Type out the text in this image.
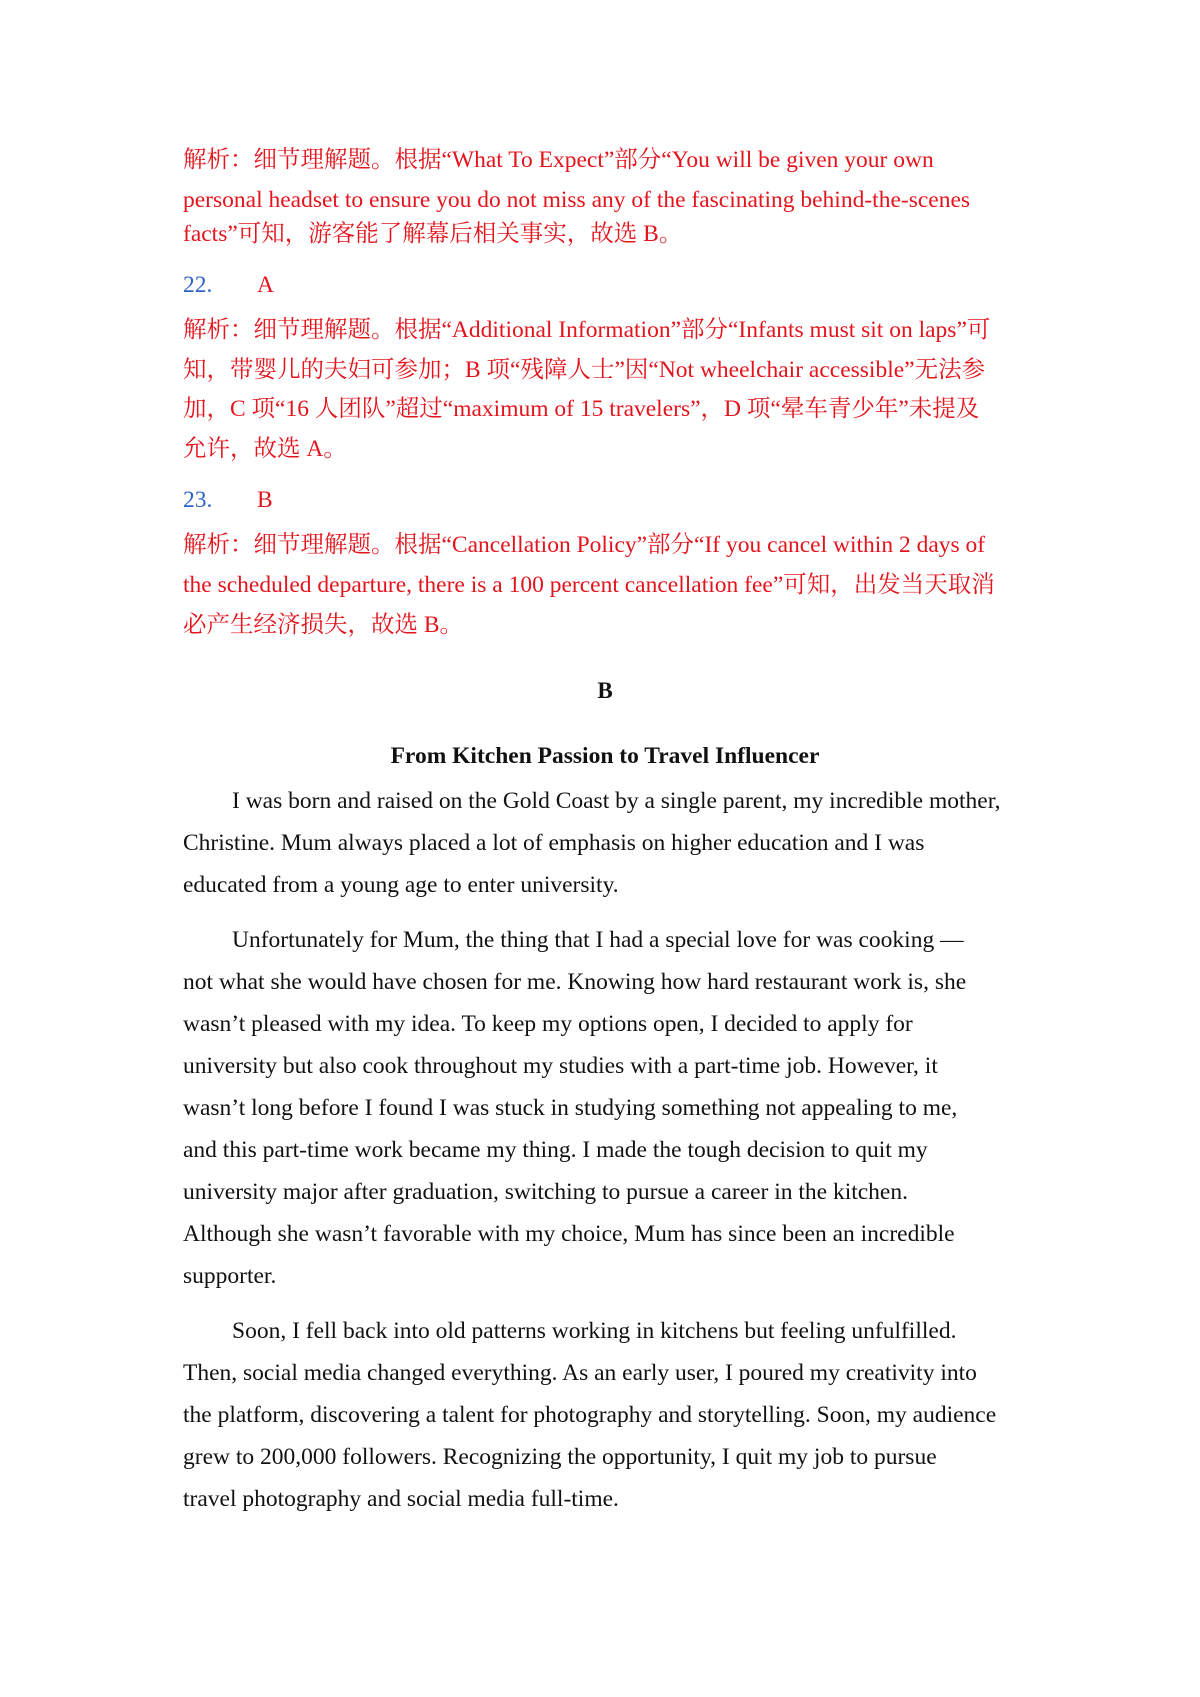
解析：细节理解题。根据“What To Expect”部分“You will be given your own

personal headset to ensure you do not miss any of the fascinating behind-the-scenes

facts”可知，游客能了解幕后相关事实，故选 B。

22. A

解析：细节理解题。根据“Additional Information”部分“Infants must sit on laps”可

知，带婴儿的夫妇可参加；B 项“残障人士”因“Not wheelchair accessible”无法参

加，C 项“16 人团队”超过“maximum of 15 travelers”，D 项“晕车青少年”未提及

允许，故选 A。

23. B

解析：细节理解题。根据“Cancellation Policy”部分“If you cancel within 2 days of

the scheduled departure, there is a 100 percent cancellation fee”可知，出发当天取消

必产生经济损失，故选 B。

B

From Kitchen Passion to Travel Influencer

I was born and raised on the Gold Coast by a single parent, my incredible mother,

Christine. Mum always placed a lot of emphasis on higher education and I was

educated from a young age to enter university.

Unfortunately for Mum, the thing that I had a special love for was cooking —

not what she would have chosen for me. Knowing how hard restaurant work is, she

wasn’t pleased with my idea. To keep my options open, I decided to apply for

university but also cook throughout my studies with a part-time job. However, it

wasn’t long before I found I was stuck in studying something not appealing to me,

and this part-time work became my thing. I made the tough decision to quit my

university major after graduation, switching to pursue a career in the kitchen.

Although she wasn’t favorable with my choice, Mum has since been an incredible

supporter.

Soon, I fell back into old patterns working in kitchens but feeling unfulfilled.

Then, social media changed everything. As an early user, I poured my creativity into

the platform, discovering a talent for photography and storytelling. Soon, my audience

grew to 200,000 followers. Recognizing the opportunity, I quit my job to pursue

travel photography and social media full-time.
